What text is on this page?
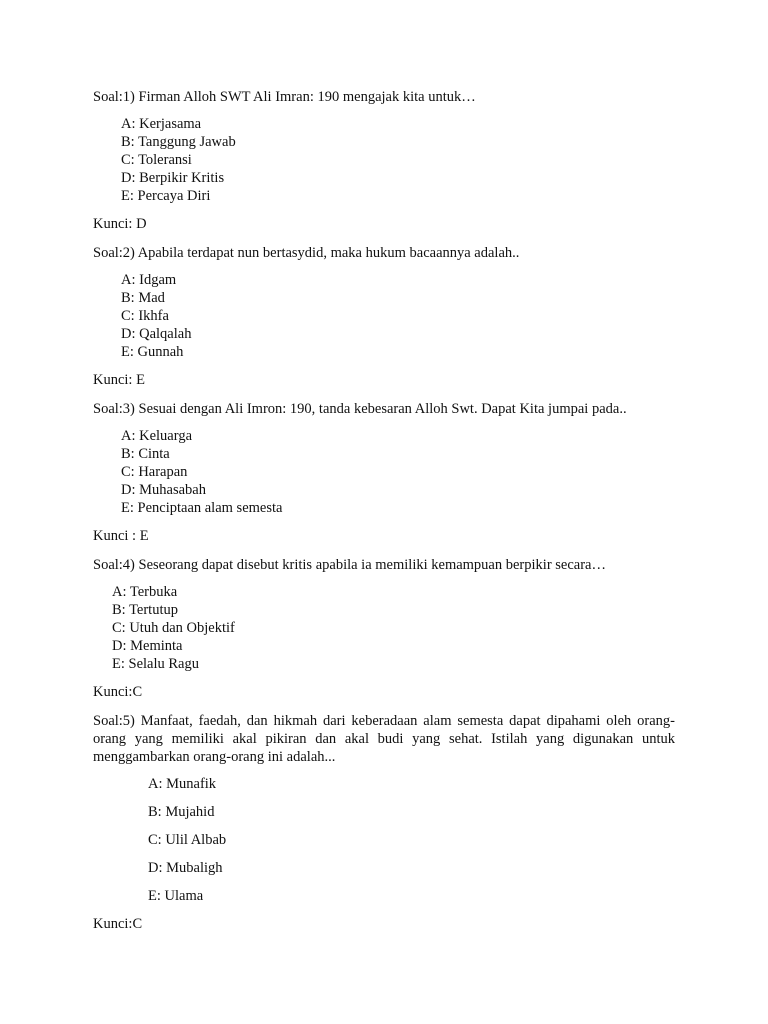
Soal:1) Firman Alloh SWT Ali Imran: 190 mengajak kita untuk…
A: Kerjasama
B: Tanggung Jawab
C: Toleransi
D: Berpikir Kritis
E: Percaya Diri
Kunci: D
Soal:2) Apabila terdapat nun bertasydid, maka hukum bacaannya adalah..
A: Idgam
B: Mad
C: Ikhfa
D: Qalqalah
E: Gunnah
Kunci: E
Soal:3) Sesuai dengan Ali Imron: 190, tanda kebesaran Alloh Swt. Dapat Kita jumpai pada..
A: Keluarga
B: Cinta
C: Harapan
D: Muhasabah
E: Penciptaan alam semesta
Kunci : E
Soal:4) Seseorang dapat disebut kritis apabila ia memiliki kemampuan berpikir secara…
A: Terbuka
B: Tertutup
C: Utuh dan Objektif
D: Meminta
E: Selalu Ragu
Kunci:C
Soal:5) Manfaat, faedah, dan hikmah dari keberadaan alam semesta dapat dipahami oleh orang-orang yang memiliki akal pikiran dan akal budi yang sehat. Istilah yang digunakan untuk menggambarkan orang-orang ini adalah...
A: Munafik
B: Mujahid
C: Ulil Albab
D: Mubaligh
E: Ulama
Kunci:C
